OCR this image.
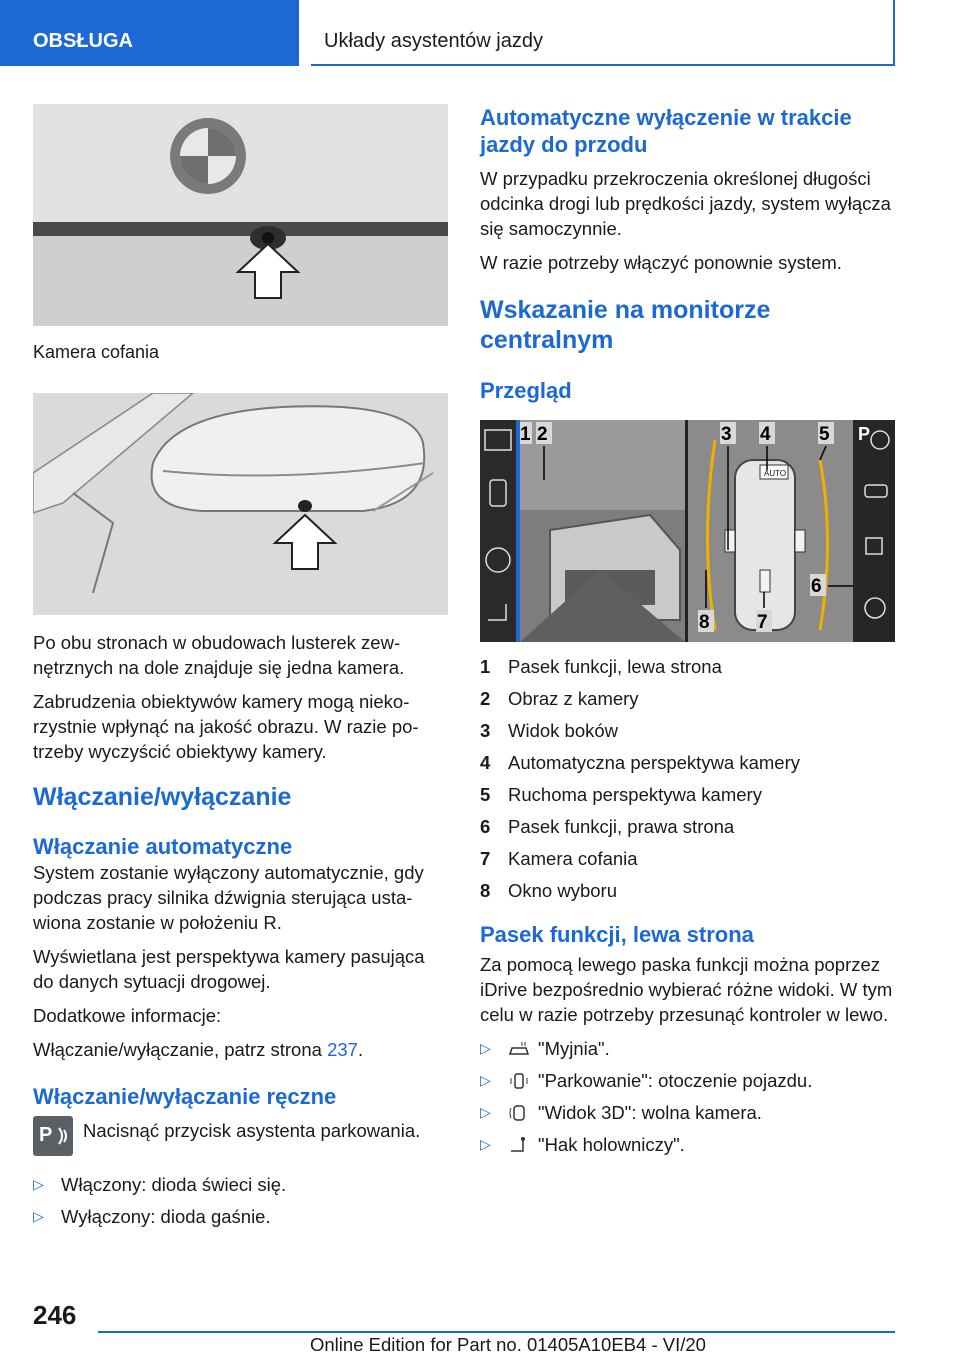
OBSŁUGA	Układy asystentów jazdy

Kamera cofania

Po obu stronach w obudowach lusterek zewnętrznych na dole znajduje się jedna kamera.

Zabrudzenia obiektywów kamery mogą niekorzystnie wpłynąć na jakość obrazu. W razie potrzeby wyczyścić obiektywy kamery.

Włączanie/wyłączanie
Włączanie automatyczne

System zostanie wyłączony automatycznie, gdy podczas pracy silnika dźwignia sterująca ustawiona zostanie w położeniu R.

Wyświetlana jest perspektywa kamery pasująca do danych sytuacji drogowej.

Dodatkowe informacje:

Włączanie/wyłączanie, patrz strona 237.

Włączanie/wyłączanie ręczne
P Nacisnąć przycisk asystenta parkowania.

▷ Włączony: dioda świeci się.
▷ Wyłączony: dioda gaśnie.
Automatyczne wyłączenie w trakcie jazdy do przodu

W przypadku przekroczenia określonej długości odcinka drogi lub prędkości jazdy, system wyłącza się samoczynnie.

W razie potrzeby włączyć ponownie system.

Wskazanie na monitorze centralnym
Przegląd
AUTO
P
1 2	3 4	5
6
7
8
1 Pasek funkcji, lewa strona
2 Obraz z kamery
3 Widok boków
4 Automatyczna perspektywa kamery
5 Ruchoma perspektywa kamery
6 Pasek funkcji, prawa strona
7 Kamera cofania
8 Okno wyboru
Pasek funkcji, lewa strona

Za pomocą lewego paska funkcji można poprzez iDrive bezpośrednio wybierać różne widoki. W tym celu w razie potrzeby przesunąć kontroler w lewo.

▷	"Myjnia".
▷	"Parkowanie": otoczenie pojazdu.
▷	"Widok 3D": wolna kamera.
▷	"Hak holowniczy".
246
Online Edition for Part no. 01405A10EB4 - VI/20
